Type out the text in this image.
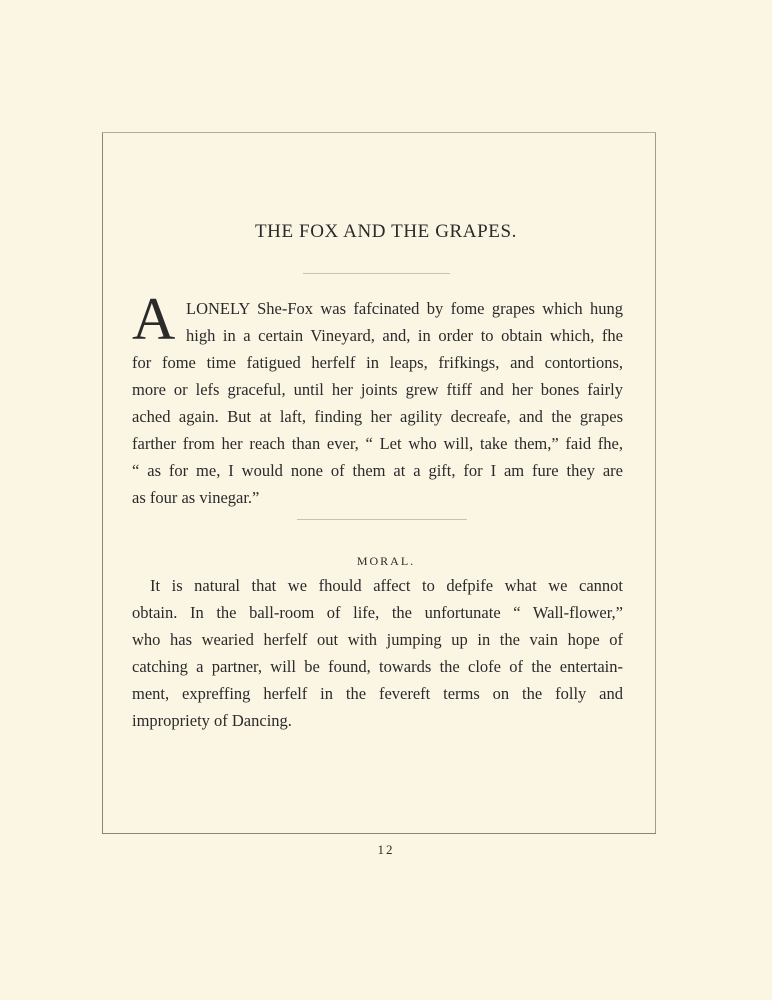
THE FOX AND THE GRAPES.
A LONELY She-Fox was fafcinated by fome grapes which hung
high in a certain Vineyard, and, in order to obtain which, fhe
for fome time fatigued herfelf in leaps, frifkings, and contortions,
more or lefs graceful, until her joints grew ftiff and her bones fairly
ached again. But at laft, finding her agility decreafe, and the grapes
farther from her reach than ever, “ Let who will, take them,” faid fhe,
“ as for me, I would none of them at a gift, for I am fure they are
as four as vinegar.”
MORAL.
It is natural that we fhould affect to defpife what we cannot
obtain. In the ball-room of life, the unfortunate “ Wall-flower,”
who has wearied herfelf out with jumping up in the vain hope of
catching a partner, will be found, towards the clofe of the entertain-
ment, expreffing herfelf in the fevereft terms on the folly and
impropriety of Dancing.
12
